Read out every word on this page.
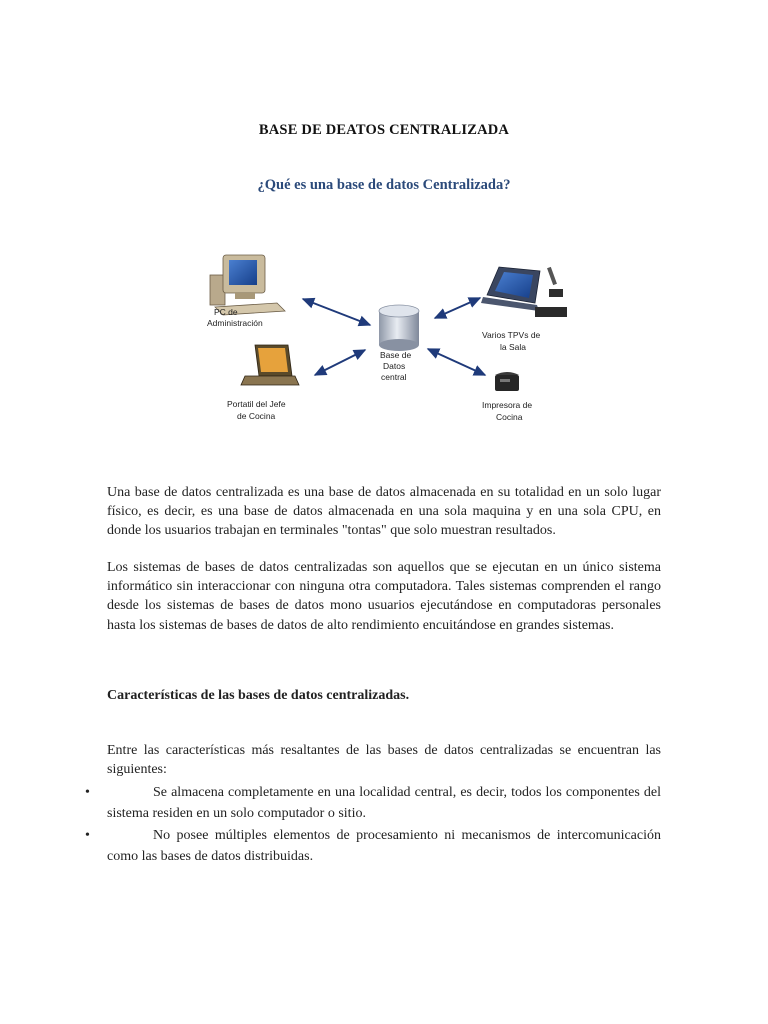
BASE DE DEATOS CENTRALIZADA
¿Qué es una base de datos Centralizada?
PC de
Administración
Portatil del Jefe
de Cocina
Base de
Datos
central
Varios TPVs de
la Sala
Impresora de
Cocina
Una base de datos centralizada es una base de datos almacenada en su totalidad en un solo lugar físico, es decir, es una base de datos almacenada en una sola maquina y en una sola CPU, en donde los usuarios trabajan en terminales "tontas" que solo muestran resultados.
Los sistemas de bases de datos centralizadas son aquellos que se ejecutan en un único sistema informático sin interaccionar con ninguna otra computadora. Tales sistemas comprenden el rango desde los sistemas de bases de datos mono usuarios ejecutándose en computadoras personales hasta los sistemas de bases de datos de alto rendimiento encuitándose en grandes sistemas.
Características de las bases de datos centralizadas.
Entre las características más resaltantes de las bases de datos centralizadas se encuentran las siguientes:
•	Se almacena completamente en una localidad central, es decir, todos los componentes del sistema residen en un solo computador o sitio.
•	No posee múltiples elementos de procesamiento ni mecanismos de intercomunicación como las bases de datos distribuidas.
